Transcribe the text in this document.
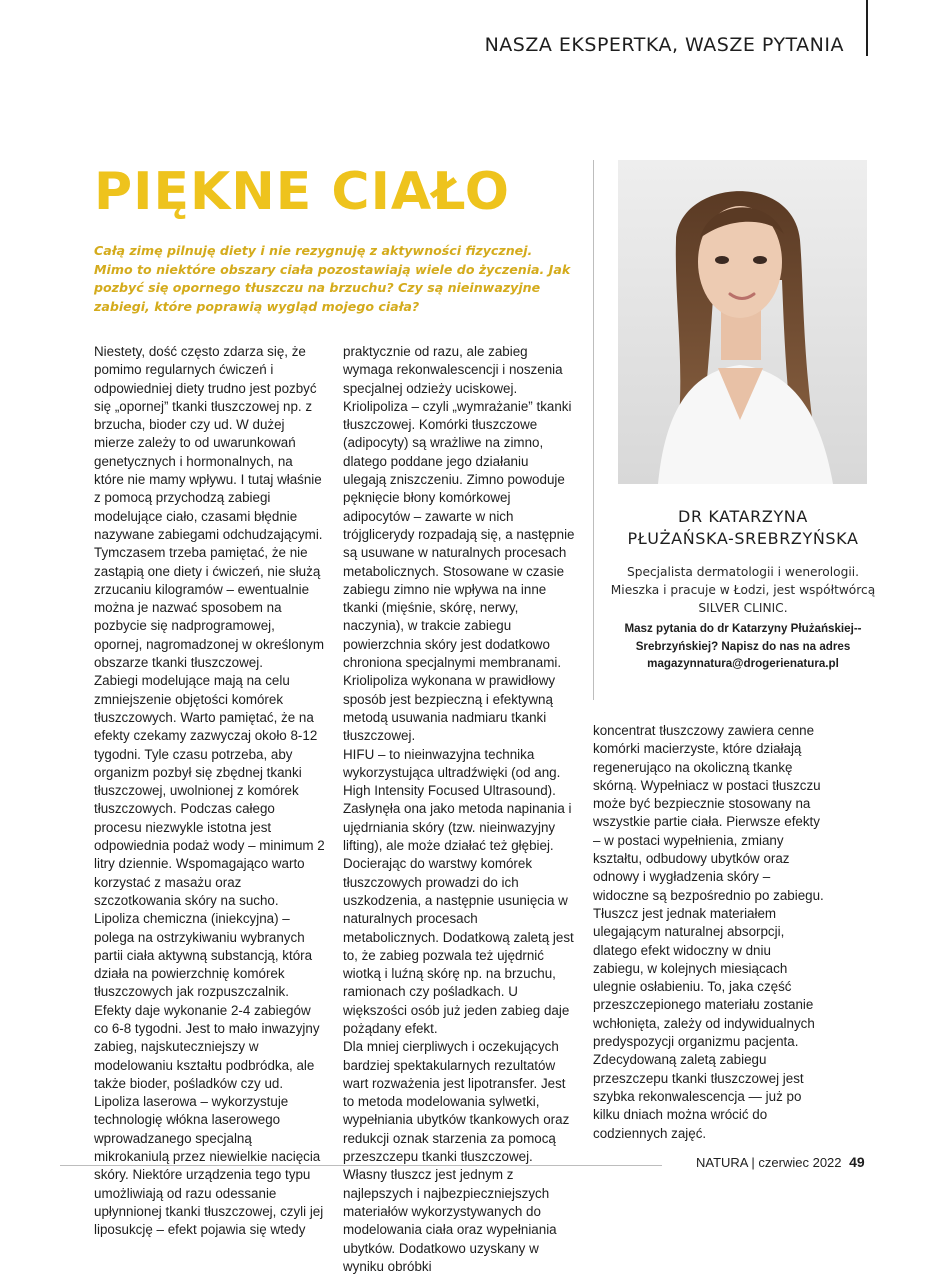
NASZA EKSPERTKA, WASZE PYTANIA
PIĘKNE CIAŁO

Całą zimę pilnuję diety i nie rezygnuję z aktywności fizycznej. Mimo to niektóre obszary ciała pozostawiają wiele do życzenia. Jak pozbyć się opornego tłuszczu na brzuchu? Czy są nieinwazyjne zabiegi, które poprawią wygląd mojego ciała?

Niestety, dość często zdarza się, że pomimo regularnych ćwiczeń i odpowiedniej diety trudno jest pozbyć się „opornej” tkanki tłuszczowej np. z brzucha, bioder czy ud. W dużej mierze zależy to od uwarunkowań genetycznych i hormonalnych, na które nie mamy wpływu. I tutaj właśnie z pomocą przychodzą zabiegi modelujące ciało, czasami błędnie nazywane zabiegami odchudzającymi. Tymczasem trzeba pamiętać, że nie zastąpią one diety i ćwiczeń, nie służą zrzucaniu kilogramów – ewentualnie można je nazwać sposobem na pozbycie się nadprogramowej, opornej, nagromadzonej w określonym obszarze tkanki tłuszczowej.

Zabiegi modelujące mają na celu zmniejszenie objętości komórek tłuszczowych. Warto pamiętać, że na efekty czekamy zazwyczaj około 8-12 tygodni. Tyle czasu potrzeba, aby organizm pozbył się zbędnej tkanki tłuszczowej, uwolnionej z komórek tłuszczowych. Podczas całego procesu niezwykle istotna jest odpowiednia podaż wody – minimum 2 litry dziennie. Wspomagająco warto korzystać z masażu oraz szczotkowania skóry na sucho.

Lipoliza chemiczna (iniekcyjna) – polega na ostrzykiwaniu wybranych partii ciała aktywną substancją, która działa na powierzchnię komórek tłuszczowych jak rozpuszczalnik. Efekty daje wykonanie 2-4 zabiegów co 6-8 tygodni. Jest to mało inwazyjny zabieg, najskuteczniejszy w modelowaniu kształtu podbródka, ale także bioder, pośladków czy ud.

Lipoliza laserowa – wykorzystuje technologię włókna laserowego wprowadzanego specjalną mikrokaniulą przez niewielkie nacięcia skóry. Niektóre urządzenia tego typu umożliwiają od razu odessanie upłynnionej tkanki tłuszczowej, czyli jej liposukcję – efekt pojawia się wtedy

praktycznie od razu, ale zabieg wymaga rekonwalescencji i noszenia specjalnej odzieży uciskowej.

Kriolipoliza – czyli „wymrażanie” tkanki tłuszczowej. Komórki tłuszczowe (adipocyty) są wrażliwe na zimno, dlatego poddane jego działaniu ulegają zniszczeniu. Zimno powoduje pęknięcie błony komórkowej adipocytów – zawarte w nich trójglicerydy rozpadają się, a następnie są usuwane w naturalnych procesach metabolicznych. Stosowane w czasie zabiegu zimno nie wpływa na inne tkanki (mięśnie, skórę, nerwy, naczynia), w trakcie zabiegu powierzchnia skóry jest dodatkowo chroniona specjalnymi membranami. Kriolipoliza wykonana w prawidłowy sposób jest bezpieczną i efektywną metodą usuwania nadmiaru tkanki tłuszczowej.

HIFU – to nieinwazyjna technika wykorzystująca ultradźwięki (od ang. High Intensity Focused Ultrasound). Zasłynęła ona jako metoda napinania i ujędrniania skóry (tzw. nieinwazyjny lifting), ale może działać też głębiej. Docierając do warstwy komórek tłuszczowych prowadzi do ich uszkodzenia, a następnie usunięcia w naturalnych procesach metabolicznych. Dodatkową zaletą jest to, że zabieg pozwala też ujędrnić wiotką i luźną skórę np. na brzuchu, ramionach czy pośladkach. U większości osób już jeden zabieg daje pożądany efekt.

Dla mniej cierpliwych i oczekujących bardziej spektakularnych rezultatów wart rozważenia jest lipotransfer. Jest to metoda modelowania sylwetki, wypełniania ubytków tkankowych oraz redukcji oznak starzenia za pomocą przeszczepu tkanki tłuszczowej. Własny tłuszcz jest jednym z najlepszych i najbezpieczniejszych materiałów wykorzystywanych do modelowania ciała oraz wypełniania ubytków. Dodatkowo uzyskany w wyniku obróbki

koncentrat tłuszczowy zawiera cenne komórki macierzyste, które działają regenerująco na okoliczną tkankę skórną. Wypełniacz w postaci tłuszczu może być bezpiecznie stosowany na wszystkie partie ciała. Pierwsze efekty – w postaci wypełnienia, zmiany kształtu, odbudowy ubytków oraz odnowy i wygładzenia skóry – widoczne są bezpośrednio po zabiegu. Tłuszcz jest jednak materiałem ulegającym naturalnej absorpcji, dlatego efekt widoczny w dniu zabiegu, w kolejnych miesiącach ulegnie osłabieniu. To, jaka część przeszczepionego materiału zostanie wchłonięta, zależy od indywidualnych predyspozycji organizmu pacjenta. Zdecydowaną zaletą zabiegu przeszczepu tkanki tłuszczowej jest szybka rekonwalescencja — już po kilku dniach można wrócić do codziennych zajęć.

DR KATARZYNA
PŁUŻAŃSKA-SREBRZYŃSKA

Specjalista dermatologii i wenerologii. Mieszka i pracuje w Łodzi, jest współtwórcą SILVER CLINIC.

Masz pytania do dr Katarzyny Płużańskiej--Srebrzyńskiej? Napisz do nas na adres magazynnatura@drogerienatura.pl

NATURA | czerwiec 2022 49
